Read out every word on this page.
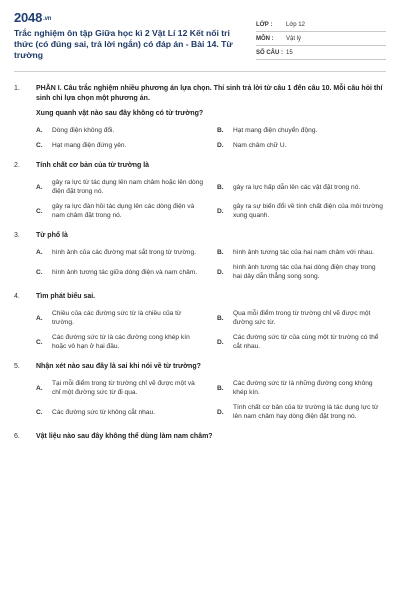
2048.vn
Trắc nghiệm ôn tập Giữa học kì 2 Vật Lí 12 Kết nối tri thức (có đúng sai, trả lời ngắn) có đáp án - Bài 14. Từ trường
LỚP :	Lớp 12
MÔN :	Vật lý
SỐ CÂU : 15
1.	PHẦN I. Câu trắc nghiệm nhiều phương án lựa chọn. Thí sinh trả lời từ câu 1 đến câu 10. Mỗi câu hỏi thí sinh chỉ lựa chọn một phương án.
Xung quanh vật nào sau đây không có từ trường?
A.	Dòng điện không đổi.	B.	Hạt mang điện chuyển động.
C.	Hạt mang điện đứng yên.	D.	Nam châm chữ U.
2.	Tính chất cơ bản của từ trường là
A.
gây ra lực từ tác dụng lên nam châm hoặc lên dòng điện đặt trong nó.
B.	gây ra lực hấp dẫn lên các vật đặt trong nó.
C.
gây ra lực đàn hồi tác dụng lên các dòng điện và nam châm đặt trong nó.
D.
gây ra sự biến đổi về tính chất điện của môi trường xung quanh.
3.	Từ phổ là
A.	hình ảnh của các đường mạt sắt trong từ trường.	B.	hình ảnh tương tác của hai nam châm với nhau.
C.	hình ảnh tương tác giữa dòng điện và nam châm.	D.
hình ảnh tương tác của hai dòng điện chạy trong hai dây dẫn thẳng song song.
4.	Tìm phát biểu sai.
A.
Chiều của các đường sức từ là chiều của từ trường.
B.
Qua mỗi điểm trong từ trường chỉ vẽ được một đường sức từ.
C.
Các đường sức từ là các đường cong khép kín hoặc vô hạn ở hai đầu.
D.
Các đường sức từ của cùng một từ trường có thể cắt nhau.
5.	Nhận xét nào sau đây là sai khi nói về từ trường?
A.
Tại mỗi điểm trong từ trường chỉ vẽ được một và chỉ một đường sức từ đi qua.
B.
Các đường sức từ là những đường cong không khép kín.
C.	Các đường sức từ không cắt nhau.	D.
Tính chất cơ bản của từ trường là tác dụng lực từ lên nam châm hay dòng điện đặt trong nó.
6.	Vật liệu nào sau đây không thể dùng làm nam châm?
